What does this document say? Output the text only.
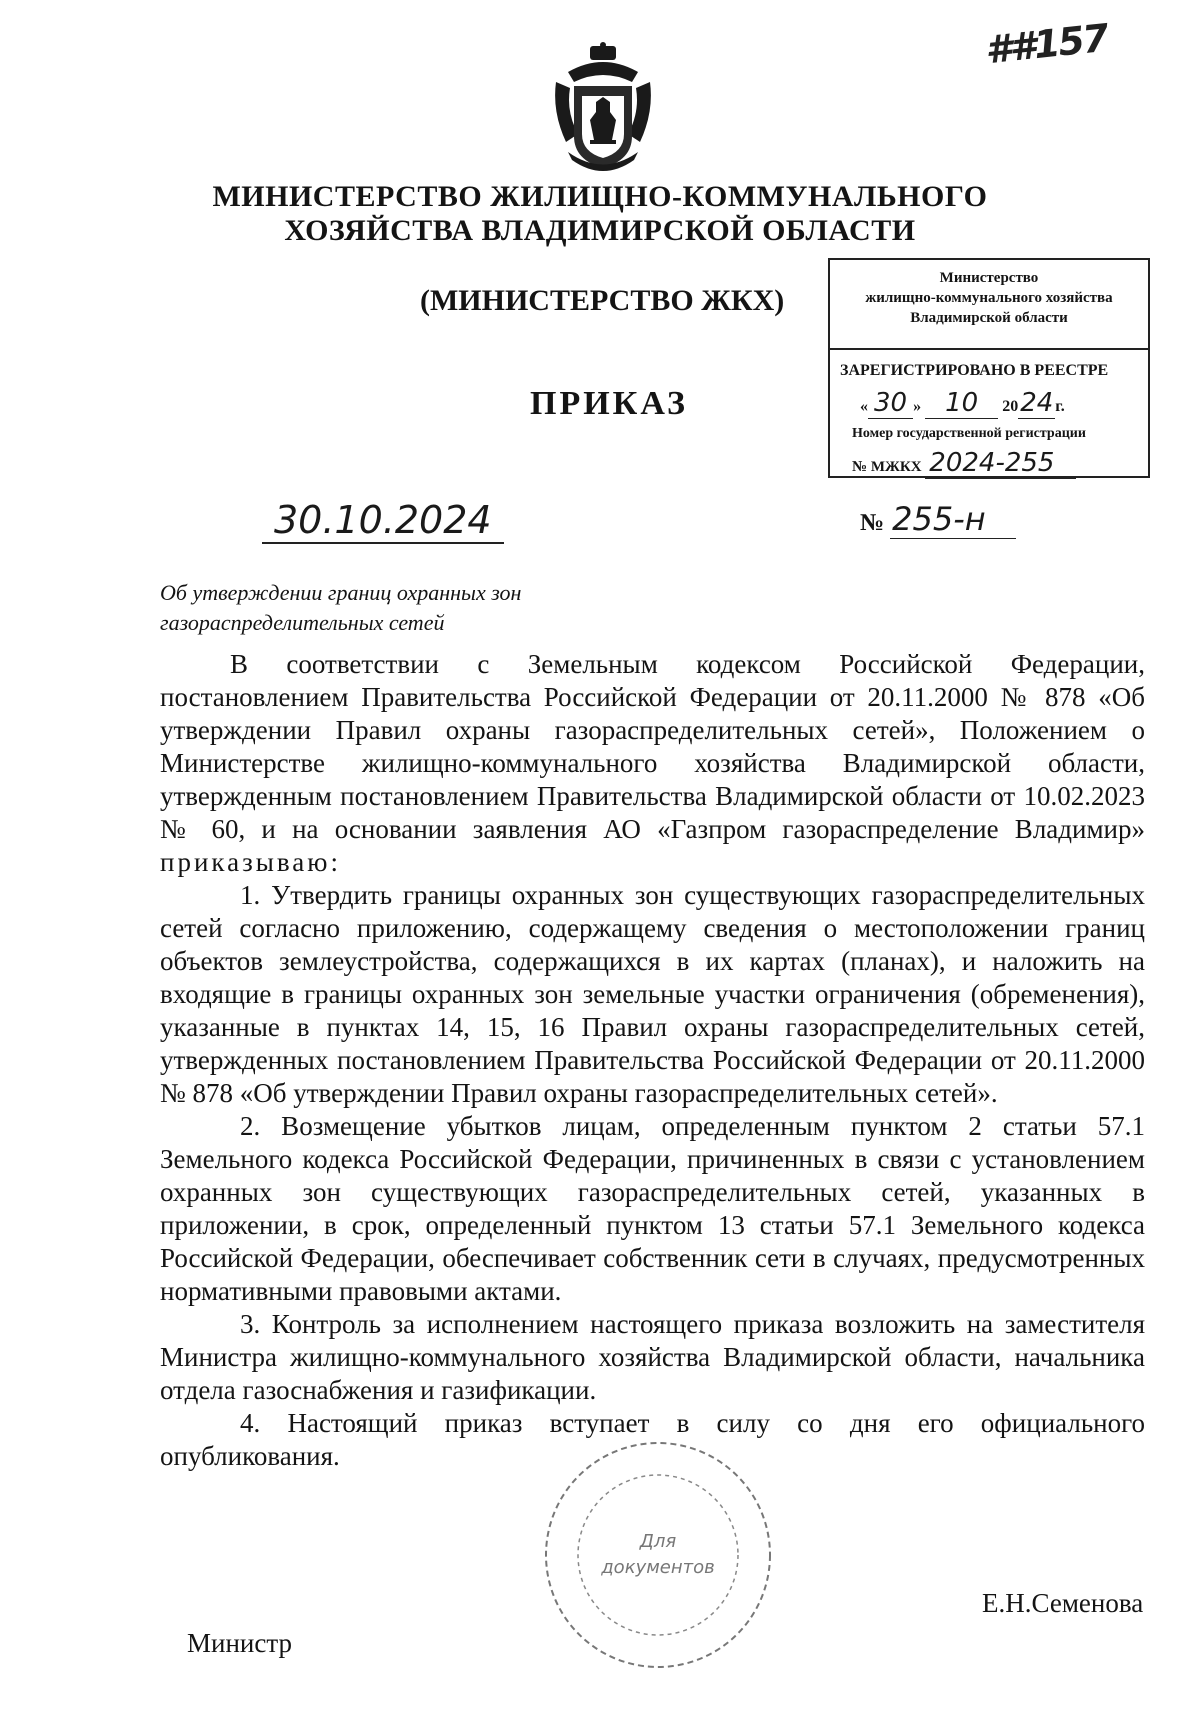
##157
МИНИСТЕРСТВО ЖИЛИЩНО-КОММУНАЛЬНОГО
ХОЗЯЙСТВА ВЛАДИМИРСКОЙ ОБЛАСТИ
(МИНИСТЕРСТВО ЖКХ)
ПРИКАЗ
Министерство
жилищно-коммунального хозяйства
Владимирской области
ЗАРЕГИСТРИРОВАНО В РЕЕСТРЕ
« 30 » 10 2024 г.
Номер государственной регистрации
№ МЖКХ 2024-255
30.10.2024	№ 255-н
Об утверждении границ охранных зон
газораспределительных сетей

В соответствии с Земельным кодексом Российской Федерации, постановлением Правительства Российской Федерации от 20.11.2000 № 878 «Об утверждении Правил охраны газораспределительных сетей», Положением о Министерстве жилищно-коммунального хозяйства Владимирской области, утвержденным постановлением Правительства Владимирской области от 10.02.2023 № 60, и на основании заявления АО «Газпром газораспределение Владимир» приказываю:

1. Утвердить границы охранных зон существующих газораспределительных сетей согласно приложению, содержащему сведения о местоположении границ объектов землеустройства, содержащихся в их картах (планах), и наложить на входящие в границы охранных зон земельные участки ограничения (обременения), указанные в пунктах 14, 15, 16 Правил охраны газораспределительных сетей, утвержденных постановлением Правительства Российской Федерации от 20.11.2000 № 878 «Об утверждении Правил охраны газораспределительных сетей».

2. Возмещение убытков лицам, определенным пунктом 2 статьи 57.1 Земельного кодекса Российской Федерации, причиненных в связи с установлением охранных зон существующих газораспределительных сетей, указанных в приложении, в срок, определенный пунктом 13 статьи 57.1 Земельного кодекса Российской Федерации, обеспечивает собственник сети в случаях, предусмотренных нормативными правовыми актами.

3. Контроль за исполнением настоящего приказа возложить на заместителя Министра жилищно-коммунального хозяйства Владимирской области, начальника отдела газоснабжения и газификации.

4. Настоящий приказ вступает в силу со дня его официального опубликования.

Для
документов
Е.Н.Семенова
Министр
